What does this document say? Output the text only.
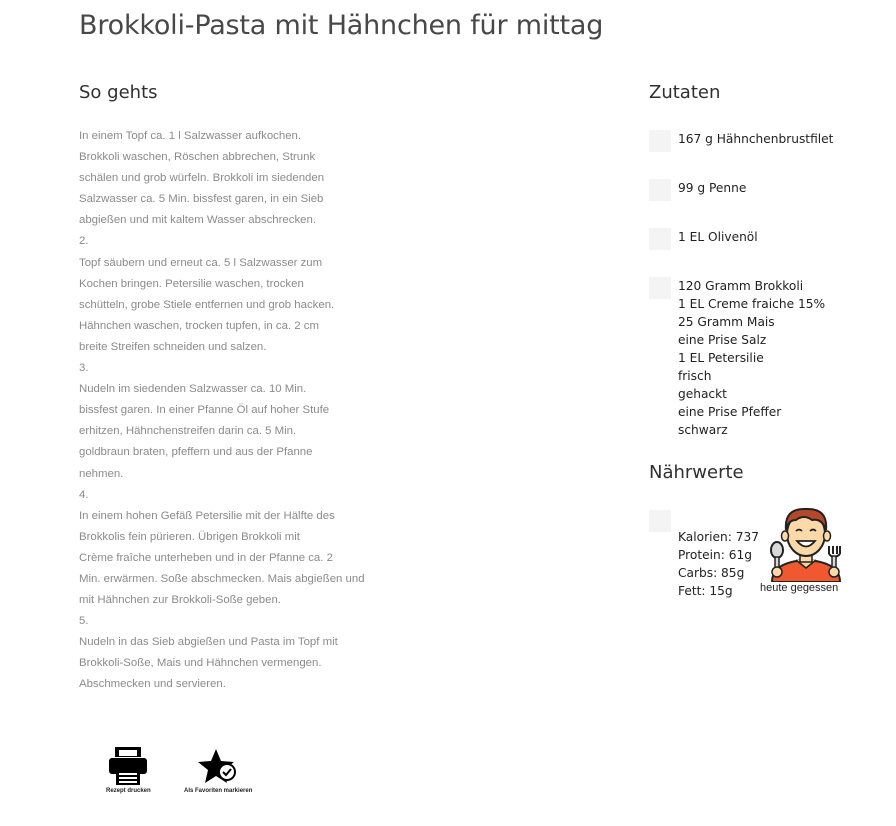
Brokkoli-Pasta mit Hähnchen für mittag
So gehts
In einem Topf ca. 1 l Salzwasser aufkochen.
Brokkoli waschen, Röschen abbrechen, Strunk
schälen und grob würfeln. Brokkoli im siedenden
Salzwasser ca. 5 Min. bissfest garen, in ein Sieb
abgießen und mit kaltem Wasser abschrecken.
2.
Topf säubern und erneut ca. 5 l Salzwasser zum
Kochen bringen. Petersilie waschen, trocken
schütteln, grobe Stiele entfernen und grob hacken.
Hähnchen waschen, trocken tupfen, in ca. 2 cm
breite Streifen schneiden und salzen.
3.
Nudeln im siedenden Salzwasser ca. 10 Min.
bissfest garen. In einer Pfanne Öl auf hoher Stufe
erhitzen, Hähnchenstreifen darin ca. 5 Min.
goldbraun braten, pfeffern und aus der Pfanne
nehmen.
4.
In einem hohen Gefäß Petersilie mit der Hälfte des
Brokkolis fein pürieren. Übrigen Brokkoli mit
Crème fraîche unterheben und in der Pfanne ca. 2
Min. erwärmen. Soße abschmecken. Mais abgießen und
mit Hähnchen zur Brokkoli-Soße geben.
5.
Nudeln in das Sieb abgießen und Pasta im Topf mit
Brokkoli-Soße, Mais und Hähnchen vermengen.
Abschmecken und servieren.
Zutaten
167 g Hähnchenbrustfilet
99 g Penne
1 EL Olivenöl
120 Gramm Brokkoli
1 EL Creme fraiche 15%
25 Gramm Mais
eine Prise Salz
1 EL Petersilie
frisch
gehackt
eine Prise Pfeffer
schwarz
Nährwerte
Kalorien: 737
Protein: 61g
Carbs: 85g
Fett: 15g	heute gegessen
Rezept drucken	Als Favoriten markieren
